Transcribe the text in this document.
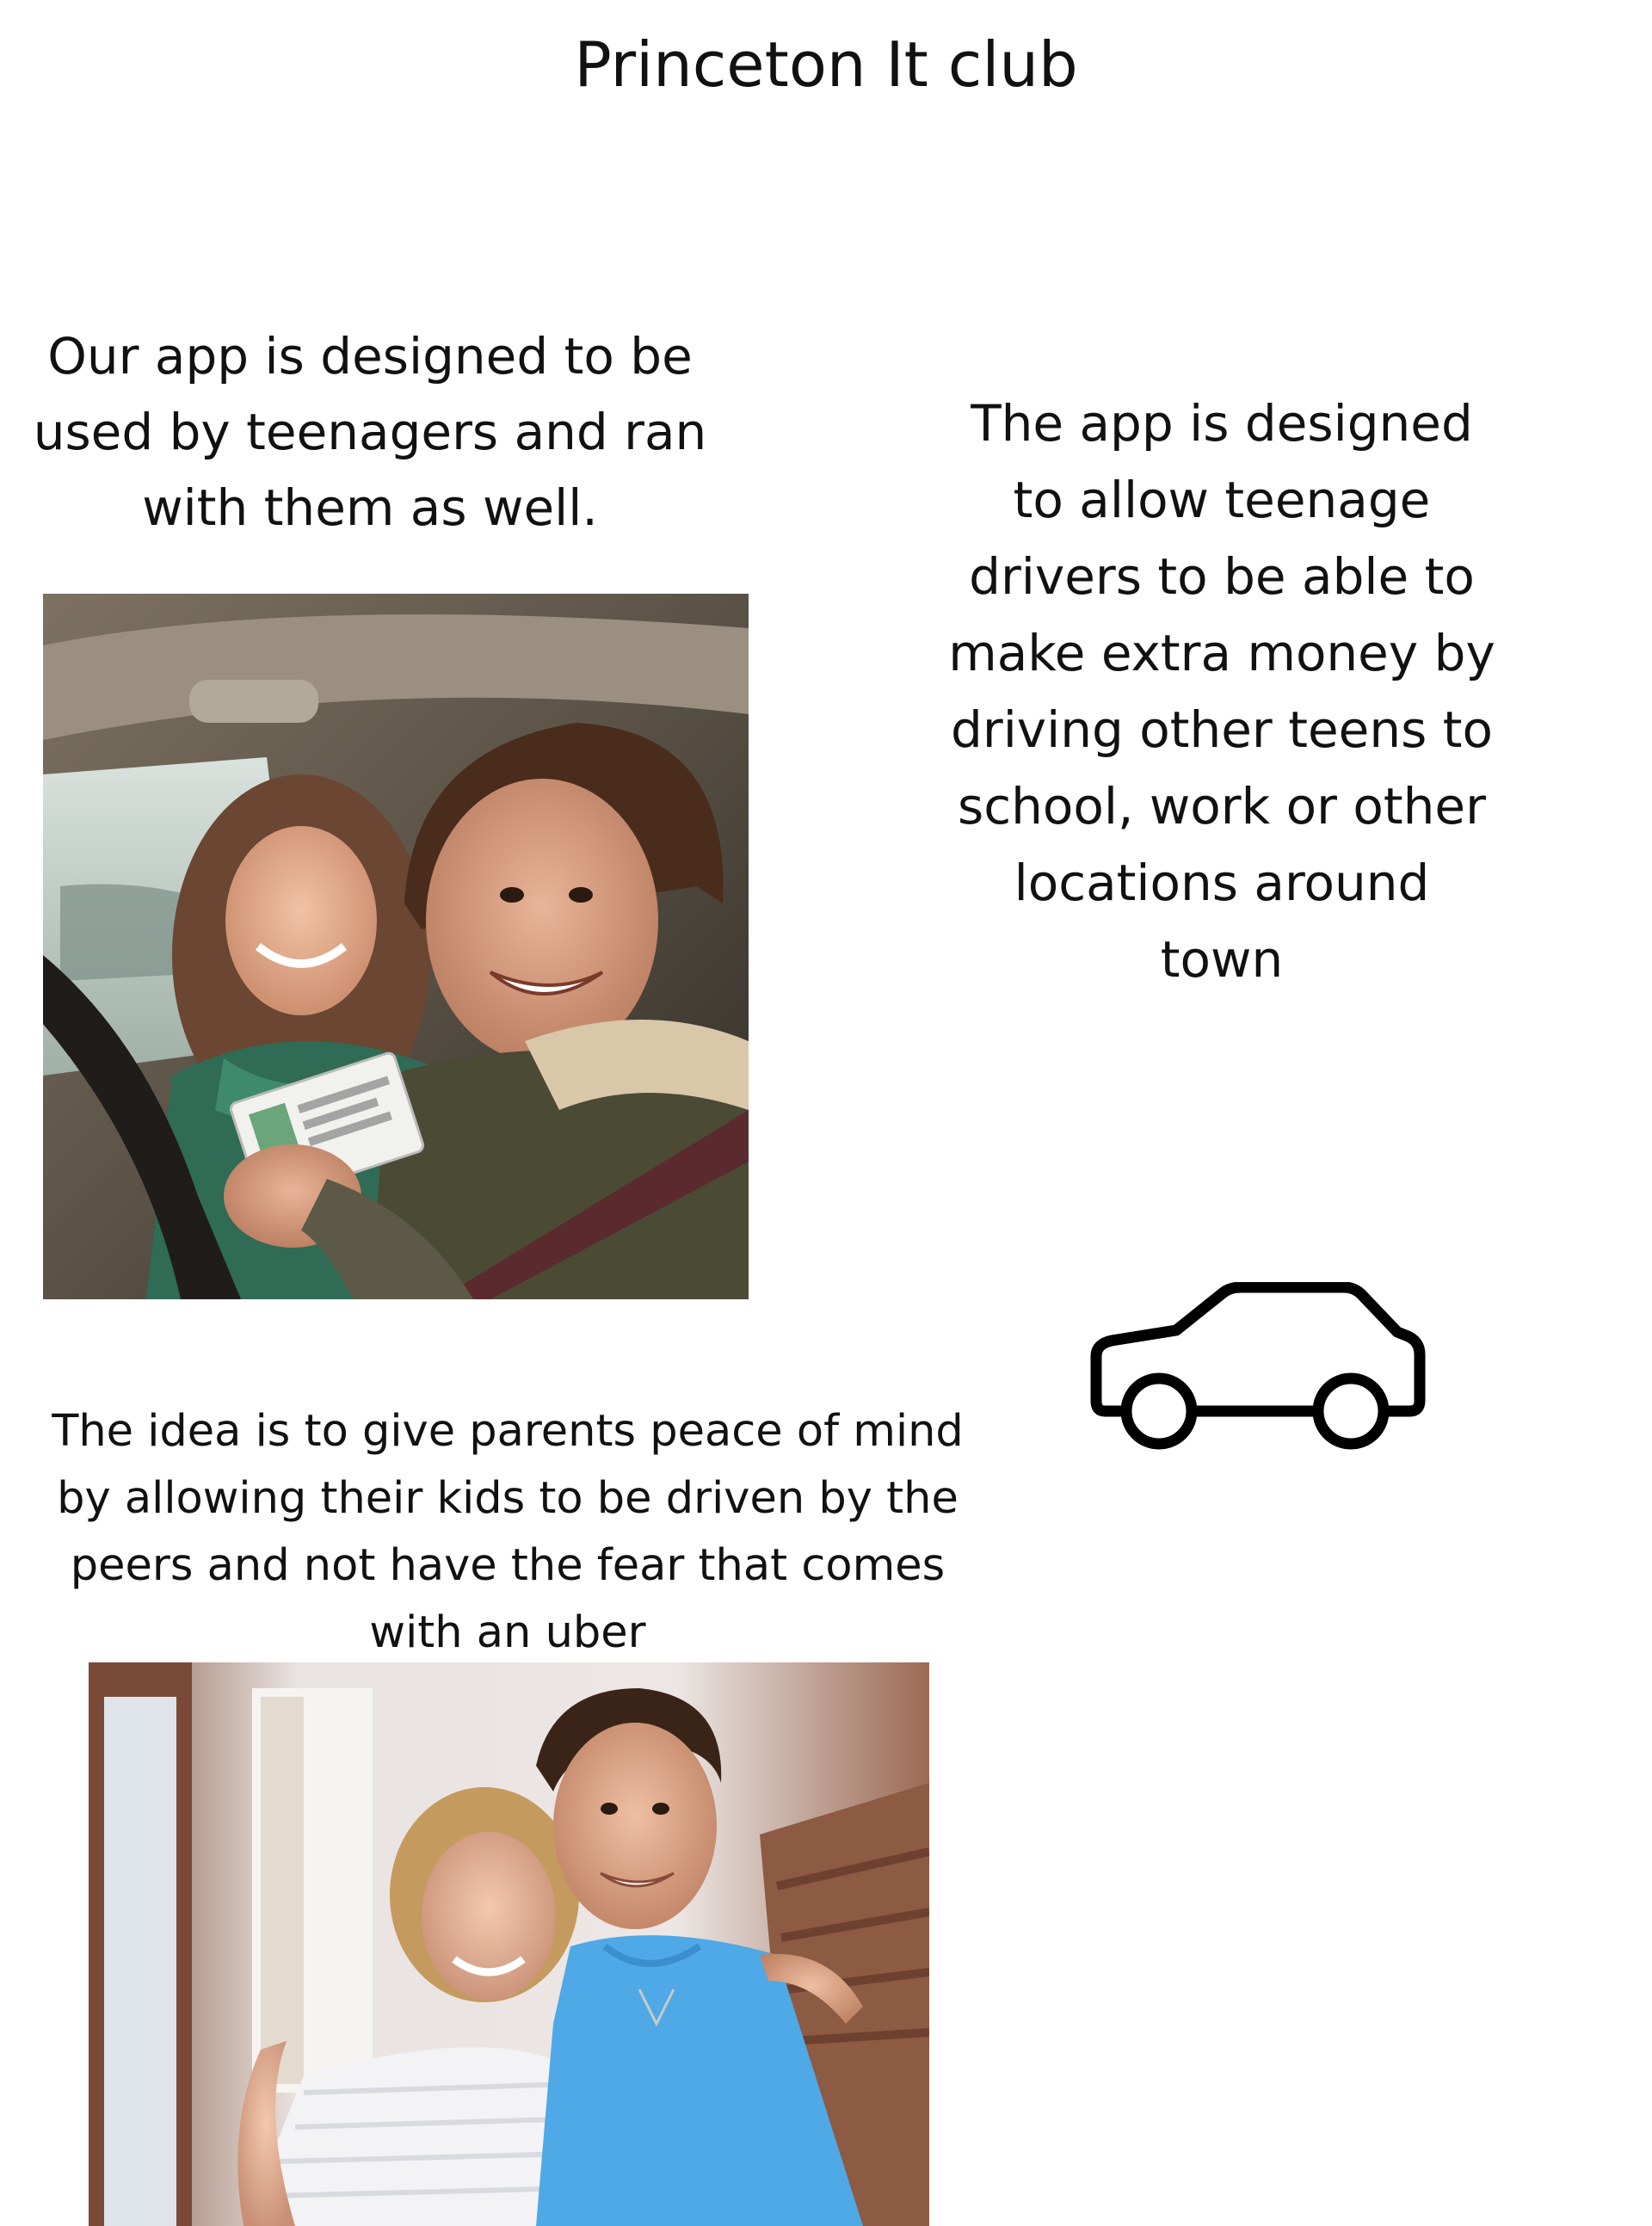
Princeton It club

Our app is designed to be
used by teenagers and ran
with them as well.

The app is designed
to allow teenage
drivers to be able to
make extra money by
driving other teens to
school, work or other
locations around
town

The idea is to give parents peace of mind
by allowing their kids to be driven by the
peers and not have the fear that comes
with an uber
